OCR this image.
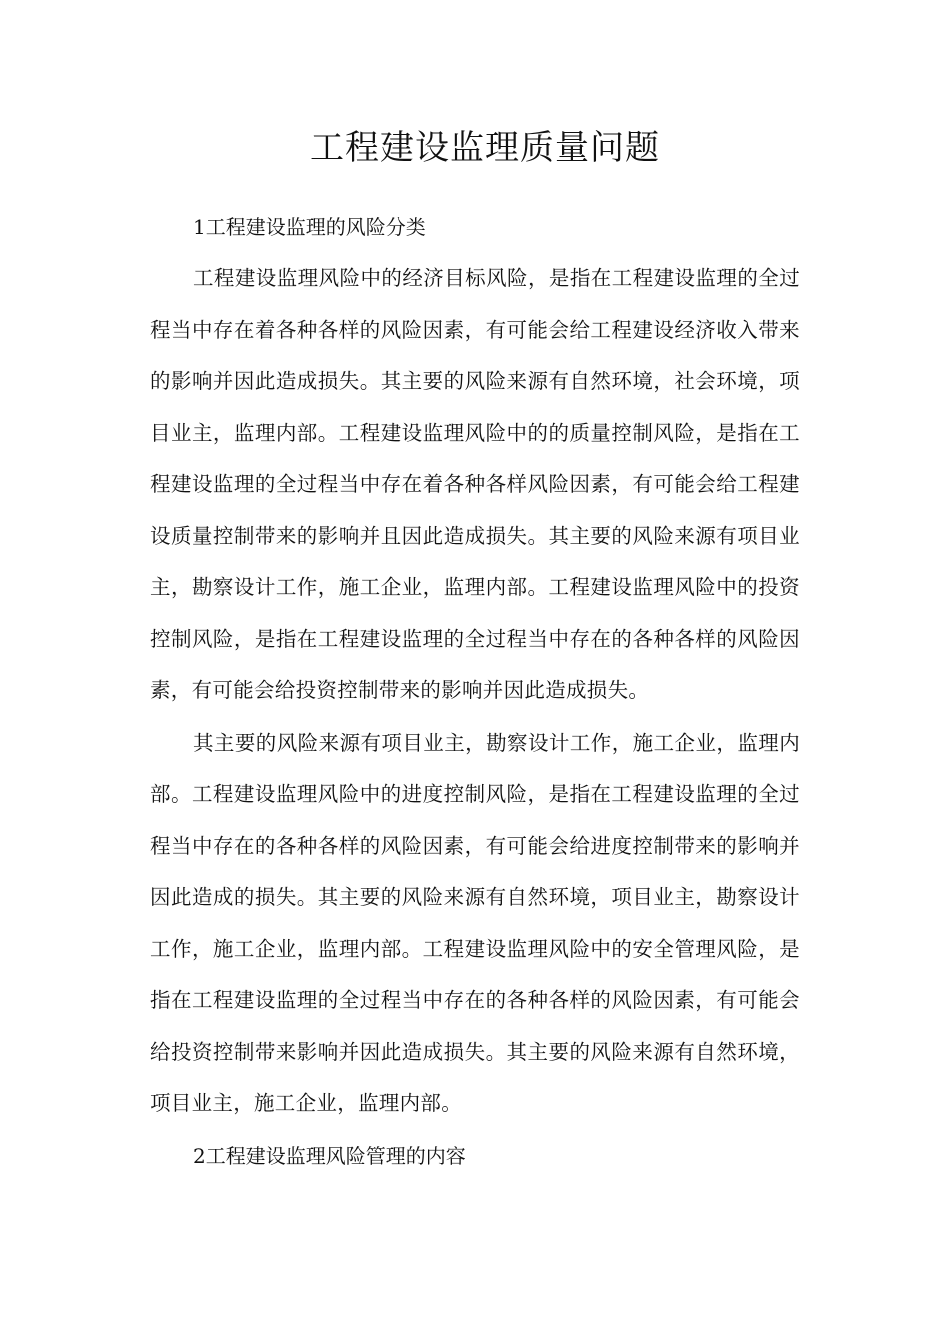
工程建设监理质量问题

1工程建设监理的风险分类

工程建设监理风险中的经济目标风险，是指在工程建设监理的全过程当中存在着各种各样的风险因素，有可能会给工程建设经济收入带来的影响并因此造成损失。其主要的风险来源有自然环境，社会环境，项目业主，监理内部。工程建设监理风险中的的质量控制风险，是指在工程建设监理的全过程当中存在着各种各样风险因素，有可能会给工程建设质量控制带来的影响并且因此造成损失。其主要的风险来源有项目业主，勘察设计工作，施工企业，监理内部。工程建设监理风险中的投资控制风险，是指在工程建设监理的全过程当中存在的各种各样的风险因素，有可能会给投资控制带来的影响并因此造成损失。

其主要的风险来源有项目业主，勘察设计工作，施工企业，监理内部。工程建设监理风险中的进度控制风险，是指在工程建设监理的全过程当中存在的各种各样的风险因素，有可能会给进度控制带来的影响并因此造成的损失。其主要的风险来源有自然环境，项目业主，勘察设计工作，施工企业，监理内部。工程建设监理风险中的安全管理风险，是指在工程建设监理的全过程当中存在的各种各样的风险因素，有可能会给投资控制带来影响并因此造成损失。其主要的风险来源有自然环境，项目业主，施工企业，监理内部。

2工程建设监理风险管理的内容
